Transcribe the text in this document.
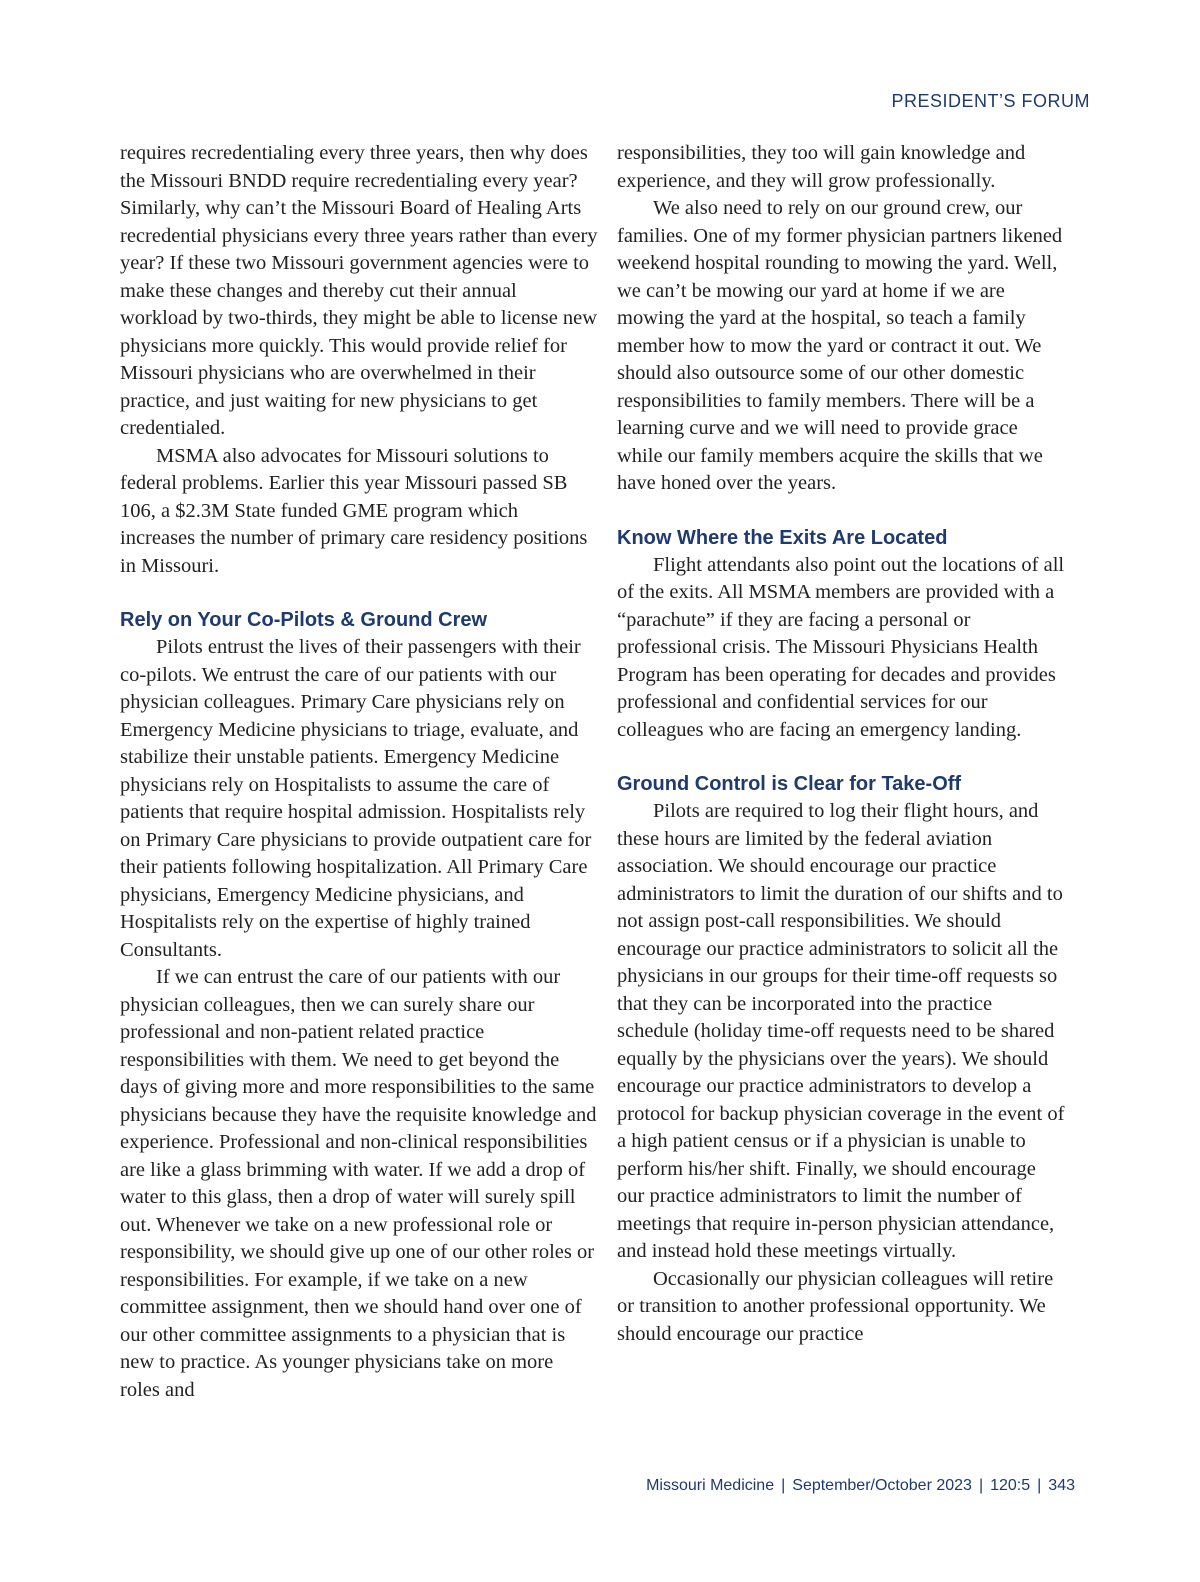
PRESIDENT’S FORUM

requires recredentialing every three years, then why does the Missouri BNDD require recredentialing every year? Similarly, why can’t the Missouri Board of Healing Arts recredential physicians every three years rather than every year? If these two Missouri government agencies were to make these changes and thereby cut their annual workload by two-thirds, they might be able to license new physicians more quickly. This would provide relief for Missouri physicians who are overwhelmed in their practice, and just waiting for new physicians to get credentialed.

MSMA also advocates for Missouri solutions to federal problems. Earlier this year Missouri passed SB 106, a $2.3M State funded GME program which increases the number of primary care residency positions in Missouri.

Rely on Your Co-Pilots & Ground Crew

Pilots entrust the lives of their passengers with their co-pilots. We entrust the care of our patients with our physician colleagues. Primary Care physicians rely on Emergency Medicine physicians to triage, evaluate, and stabilize their unstable patients. Emergency Medicine physicians rely on Hospitalists to assume the care of patients that require hospital admission. Hospitalists rely on Primary Care physicians to provide outpatient care for their patients following hospitalization. All Primary Care physicians, Emergency Medicine physicians, and Hospitalists rely on the expertise of highly trained Consultants.

If we can entrust the care of our patients with our physician colleagues, then we can surely share our professional and non-patient related practice responsibilities with them. We need to get beyond the days of giving more and more responsibilities to the same physicians because they have the requisite knowledge and experience. Professional and non-clinical responsibilities are like a glass brimming with water. If we add a drop of water to this glass, then a drop of water will surely spill out. Whenever we take on a new professional role or responsibility, we should give up one of our other roles or responsibilities. For example, if we take on a new committee assignment, then we should hand over one of our other committee assignments to a physician that is new to practice. As younger physicians take on more roles and

responsibilities, they too will gain knowledge and experience, and they will grow professionally.

We also need to rely on our ground crew, our families. One of my former physician partners likened weekend hospital rounding to mowing the yard. Well, we can’t be mowing our yard at home if we are mowing the yard at the hospital, so teach a family member how to mow the yard or contract it out. We should also outsource some of our other domestic responsibilities to family members. There will be a learning curve and we will need to provide grace while our family members acquire the skills that we have honed over the years.

Know Where the Exits Are Located

Flight attendants also point out the locations of all of the exits. All MSMA members are provided with a “parachute” if they are facing a personal or professional crisis. The Missouri Physicians Health Program has been operating for decades and provides professional and confidential services for our colleagues who are facing an emergency landing.

Ground Control is Clear for Take-Off

Pilots are required to log their flight hours, and these hours are limited by the federal aviation association. We should encourage our practice administrators to limit the duration of our shifts and to not assign post-call responsibilities. We should encourage our practice administrators to solicit all the physicians in our groups for their time-off requests so that they can be incorporated into the practice schedule (holiday time-off requests need to be shared equally by the physicians over the years). We should encourage our practice administrators to develop a protocol for backup physician coverage in the event of a high patient census or if a physician is unable to perform his/her shift. Finally, we should encourage our practice administrators to limit the number of meetings that require in-person physician attendance, and instead hold these meetings virtually.

Occasionally our physician colleagues will retire or transition to another professional opportunity. We should encourage our practice

Missouri Medicine | September/October 2023 | 120:5 | 343
